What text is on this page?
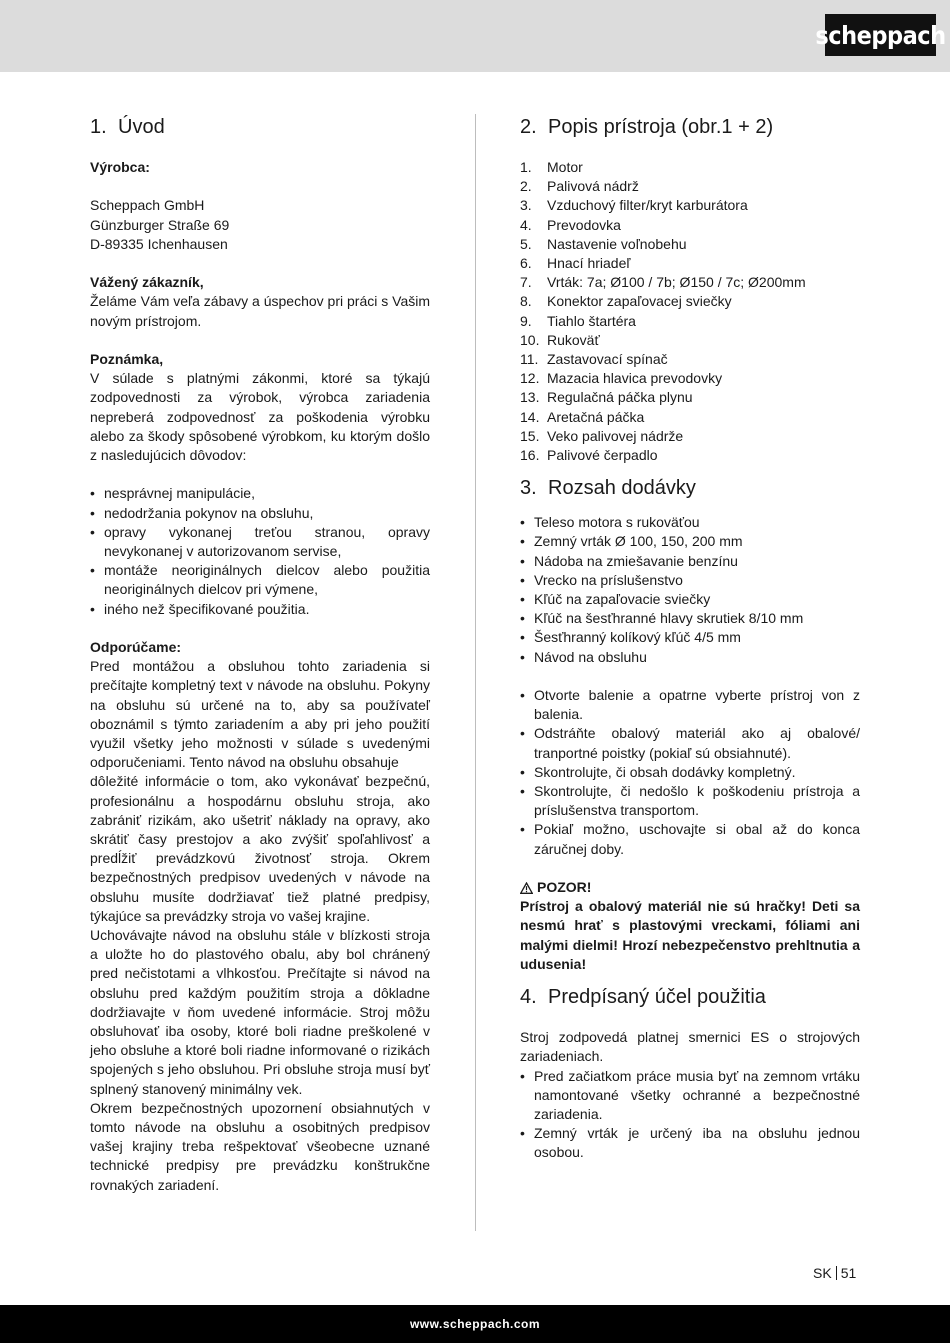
scheppach
1. Úvod

Výrobca:

Scheppach GmbH

Günzburger Straße 69

D-89335 Ichenhausen

Vážený zákazník,

Želáme Vám veľa zábavy a úspechov pri práci s Vašim novým prístrojom.

Poznámka,

V súlade s platnými zákonmi, ktoré sa týkajú zodpovednosti za výrobok, výrobca zariadenia nepreberá zodpovednosť za poškodenia výrobku alebo za škody spôsobené výrobkom, ku ktorým došlo z nasledujúcich dôvodov:

• nesprávnej manipulácie,
• nedodržania pokynov na obsluhu,
• opravy vykonanej treťou stranou, opravy nevykonanej v autorizovanom servise,
• montáže neoriginálnych dielcov alebo použitia neoriginálnych dielcov pri výmene,
• iného než špecifikované použitia.

Odporúčame:

Pred montážou a obsluhou tohto zariadenia si prečítajte kompletný text v návode na obsluhu. Pokyny na obsluhu sú určené na to, aby sa používateľ oboznámil s týmto zariadením a aby pri jeho použití využil všetky jeho možnosti v súlade s uvedenými odporučeniami. Tento návod na obsluhu obsahuje

dôležité informácie o tom, ako vykonávať bezpečnú, profesionálnu a hospodárnu obsluhu stroja, ako zabrániť rizikám, ako ušetriť náklady na opravy, ako skrátiť časy prestojov a ako zvýšiť spoľahlivosť a predĺžiť prevádzkovú životnosť stroja. Okrem bezpečnostných predpisov uvedených v návode na obsluhu musíte dodržiavať tiež platné predpisy, týkajúce sa prevádzky stroja vo vašej krajine.

Uchovávajte návod na obsluhu stále v blízkosti stroja a uložte ho do plastového obalu, aby bol chránený pred nečistotami a vlhkosťou. Prečítajte si návod na obsluhu pred každým použitím stroja a dôkladne dodržiavajte v ňom uvedené informácie. Stroj môžu obsluhovať iba osoby, ktoré boli riadne preškolené v jeho obsluhe a ktoré boli riadne informované o rizikách spojených s jeho obsluhou. Pri obsluhe stroja musí byť splnený stanovený minimálny vek.

Okrem bezpečnostných upozornení obsiahnutých v tomto návode na obsluhu a osobitných predpisov vašej krajiny treba rešpektovať všeobecne uznané technické predpisy pre prevádzku konštrukčne rovnakých zariadení.

2. Popis prístroja (obr.1 + 2)
1.	Motor
2.	Palivová nádrž
3.	Vzduchový filter/kryt karburátora
4.	Prevodovka
5.	Nastavenie voľnobehu
6.	Hnací hriadeľ
7.	Vrták: 7a; Ø100 / 7b; Ø150 / 7c; Ø200mm
8.	Konektor zapaľovacej sviečky
9.	Tiahlo štartéra
10. Rukoväť
11. Zastavovací spínač
12. Mazacia hlavica prevodovky
13. Regulačná páčka plynu
14. Aretačná páčka
15. Veko palivovej nádrže
16. Palivové čerpadlo
3. Rozsah dodávky
• Teleso motora s rukoväťou
• Zemný vrták Ø 100, 150, 200 mm
• Nádoba na zmiešavanie benzínu
• Vrecko na príslušenstvo
• Kľúč na zapaľovacie sviečky
• Kľúč na šesťhranné hlavy skrutiek 8/10 mm
• Šesťhranný kolíkový kľúč 4/5 mm
• Návod na obsluhu
• Otvorte balenie a opatrne vyberte prístroj von z balenia.
• Odstráňte obalový materiál ako aj obalové/ tranportné poistky (pokiaľ sú obsiahnuté).
• Skontrolujte, či obsah dodávky kompletný.
• Skontrolujte, či nedošlo k poškodeniu prístroja a príslušenstva transportom.
• Pokiaľ možno, uschovajte si obal až do konca záručnej doby.
POZOR!

Prístroj a obalový materiál nie sú hračky! Deti sa nesmú hrať s plastovými vreckami, fóliami ani malými dielmi! Hrozí nebezpečenstvo prehltnutia a udusenia!

4. Predpísaný účel použitia

Stroj zodpovedá platnej smernici ES o strojových zariadeniach.

• Pred začiatkom práce musia byť na zemnom vrtáku namontované všetky ochranné a bezpečnostné zariadenia.
• Zemný vrták je určený iba na obsluhu jednou osobou.
SK 51
www.scheppach.com
